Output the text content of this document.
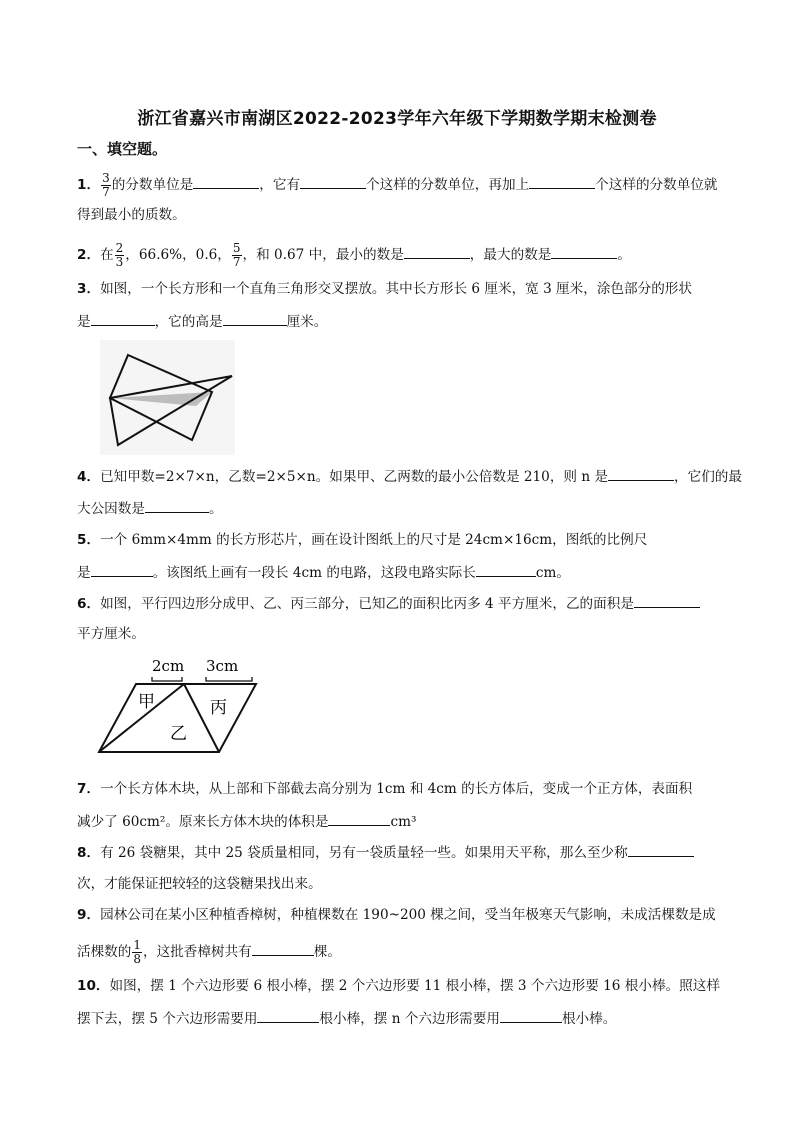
浙江省嘉兴市南湖区2022-2023学年六年级下学期数学期末检测卷
一、填空题。
1． $\frac{3}{7}$ 的分数单位是	，它有	个这样的分数单位，再加上	个这样的分数单位就
得到最小的质数。
2．在 $\frac{2}{3}$ ，66.6%，0.6， $\frac{5}{7}$ ，和 0.67 中，最小的数是	，最大的数是	。
3．如图，一个长方形和一个直角三角形交叉摆放。其中长方形长 6 厘米，宽 3 厘米，涂色部分的形状
是	，它的高是	厘米。
4．已知甲数=2×7×n，乙数=2×5×n。如果甲、乙两数的最小公倍数是 210，则 n 是	，它们的最
大公因数是	。
5．一个 6mm×4mm 的长方形芯片，画在设计图纸上的尺寸是 24cm×16cm，图纸的比例尺
是	。该图纸上画有一段长 4cm 的电路，这段电路实际长	cm。
6．如图，平行四边形分成甲、乙、丙三部分，已知乙的面积比丙多 4 平方厘米，乙的面积是
平方厘米。
2cm 3cm
甲
乙
丙
7．一个长方体木块，从上部和下部截去高分别为 1cm 和 4cm 的长方体后，变成一个正方体，表面积
减少了 60cm²。原来长方体木块的体积是	cm³
8．有 26 袋糖果，其中 25 袋质量相同，另有一袋质量轻一些。如果用天平称，那么至少称
次，才能保证把较轻的这袋糖果找出来。
9．园林公司在某小区种植香樟树，种植棵数在 190~200 棵之间，受当年极寒天气影响，未成活棵数是成
活棵数的 $\frac{1}{8}$ ，这批香樟树共有	棵。
10．如图，摆 1 个六边形要 6 根小棒，摆 2 个六边形要 11 根小棒，摆 3 个六边形要 16 根小棒。照这样
摆下去，摆 5 个六边形需要用	根小棒，摆 n 个六边形需要用	根小棒。
